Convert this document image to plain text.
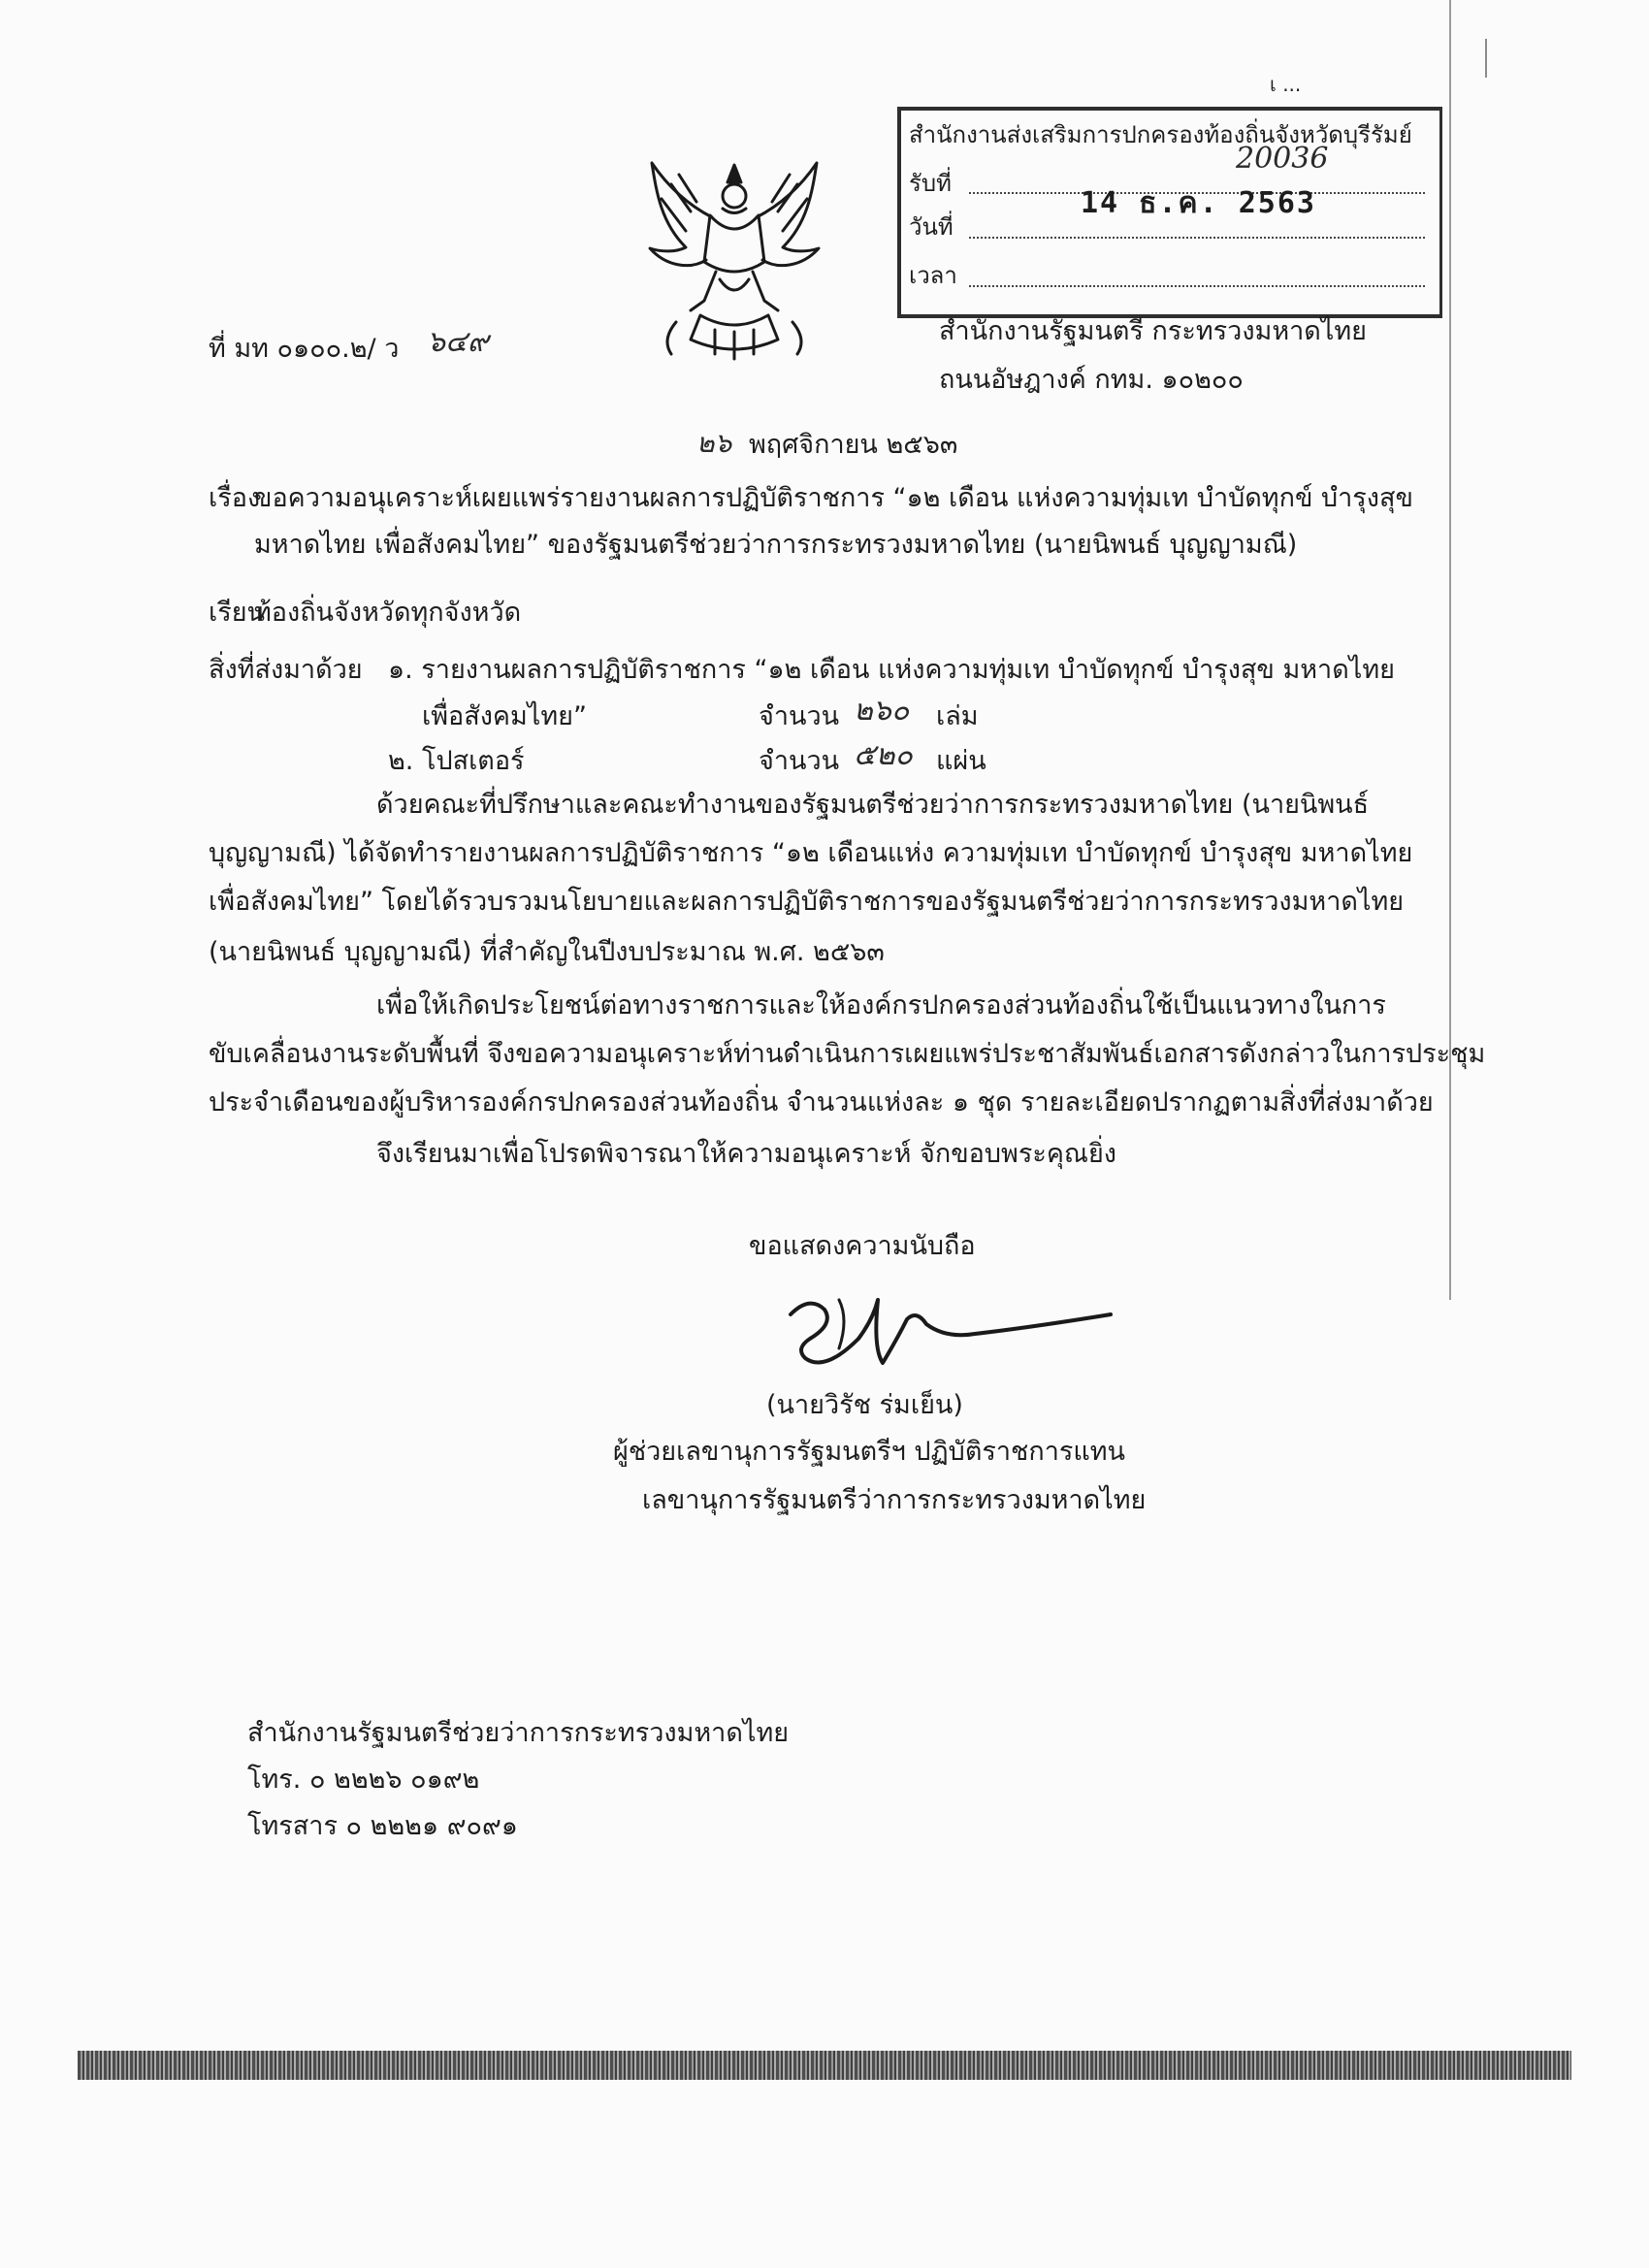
เ ...
สำนักงานส่งเสริมการปกครองท้องถิ่นจังหวัดบุรีรัมย์
รับที่
20036
วันที่
14 ธ.ค. 2563
เวลา
ที่ มท ๐๑๐๐.๒/ ว ๖๔๙	สำนักงานรัฐมนตรี กระทรวงมหาดไทย
ถนนอัษฎางค์ กทม. ๑๐๒๐๐
๒๖ พฤศจิกายน ๒๕๖๓
เรื่อง
ขอความอนุเคราะห์เผยแพร่รายงานผลการปฏิบัติราชการ “๑๒ เดือน แห่งความทุ่มเท บำบัดทุกข์ บำรุงสุข
มหาดไทย เพื่อสังคมไทย” ของรัฐมนตรีช่วยว่าการกระทรวงมหาดไทย (นายนิพนธ์ บุญญามณี)
เรียน
ท้องถิ่นจังหวัดทุกจังหวัด
สิ่งที่ส่งมาด้วย ๑. รายงานผลการปฏิบัติราชการ “๑๒ เดือน แห่งความทุ่มเท บำบัดทุกข์ บำรุงสุข มหาดไทย
เพื่อสังคมไทย”	จำนวน ๒๖๐ เล่ม
๒. โปสเตอร์	จำนวน ๕๒๐ แผ่น
ด้วยคณะที่ปรึกษาและคณะทำงานของรัฐมนตรีช่วยว่าการกระทรวงมหาดไทย (นายนิพนธ์
บุญญามณี) ได้จัดทำรายงานผลการปฏิบัติราชการ “๑๒ เดือนแห่ง ความทุ่มเท บำบัดทุกข์ บำรุงสุข มหาดไทย
เพื่อสังคมไทย” โดยได้รวบรวมนโยบายและผลการปฏิบัติราชการของรัฐมนตรีช่วยว่าการกระทรวงมหาดไทย
(นายนิพนธ์ บุญญามณี) ที่สำคัญในปีงบประมาณ พ.ศ. ๒๕๖๓
เพื่อให้เกิดประโยชน์ต่อทางราชการและให้องค์กรปกครองส่วนท้องถิ่นใช้เป็นแนวทางในการ
ขับเคลื่อนงานระดับพื้นที่ จึงขอความอนุเคราะห์ท่านดำเนินการเผยแพร่ประชาสัมพันธ์เอกสารดังกล่าวในการประชุม
ประจำเดือนของผู้บริหารองค์กรปกครองส่วนท้องถิ่น จำนวนแห่งละ ๑ ชุด รายละเอียดปรากฏตามสิ่งที่ส่งมาด้วย
จึงเรียนมาเพื่อโปรดพิจารณาให้ความอนุเคราะห์ จักขอบพระคุณยิ่ง
ขอแสดงความนับถือ
(นายวิรัช ร่มเย็น)
ผู้ช่วยเลขานุการรัฐมนตรีฯ ปฏิบัติราชการแทน
เลขานุการรัฐมนตรีว่าการกระทรวงมหาดไทย
สำนักงานรัฐมนตรีช่วยว่าการกระทรวงมหาดไทย
โทร. ๐ ๒๒๒๖ ๐๑๙๒
โทรสาร ๐ ๒๒๒๑ ๙๐๙๑
